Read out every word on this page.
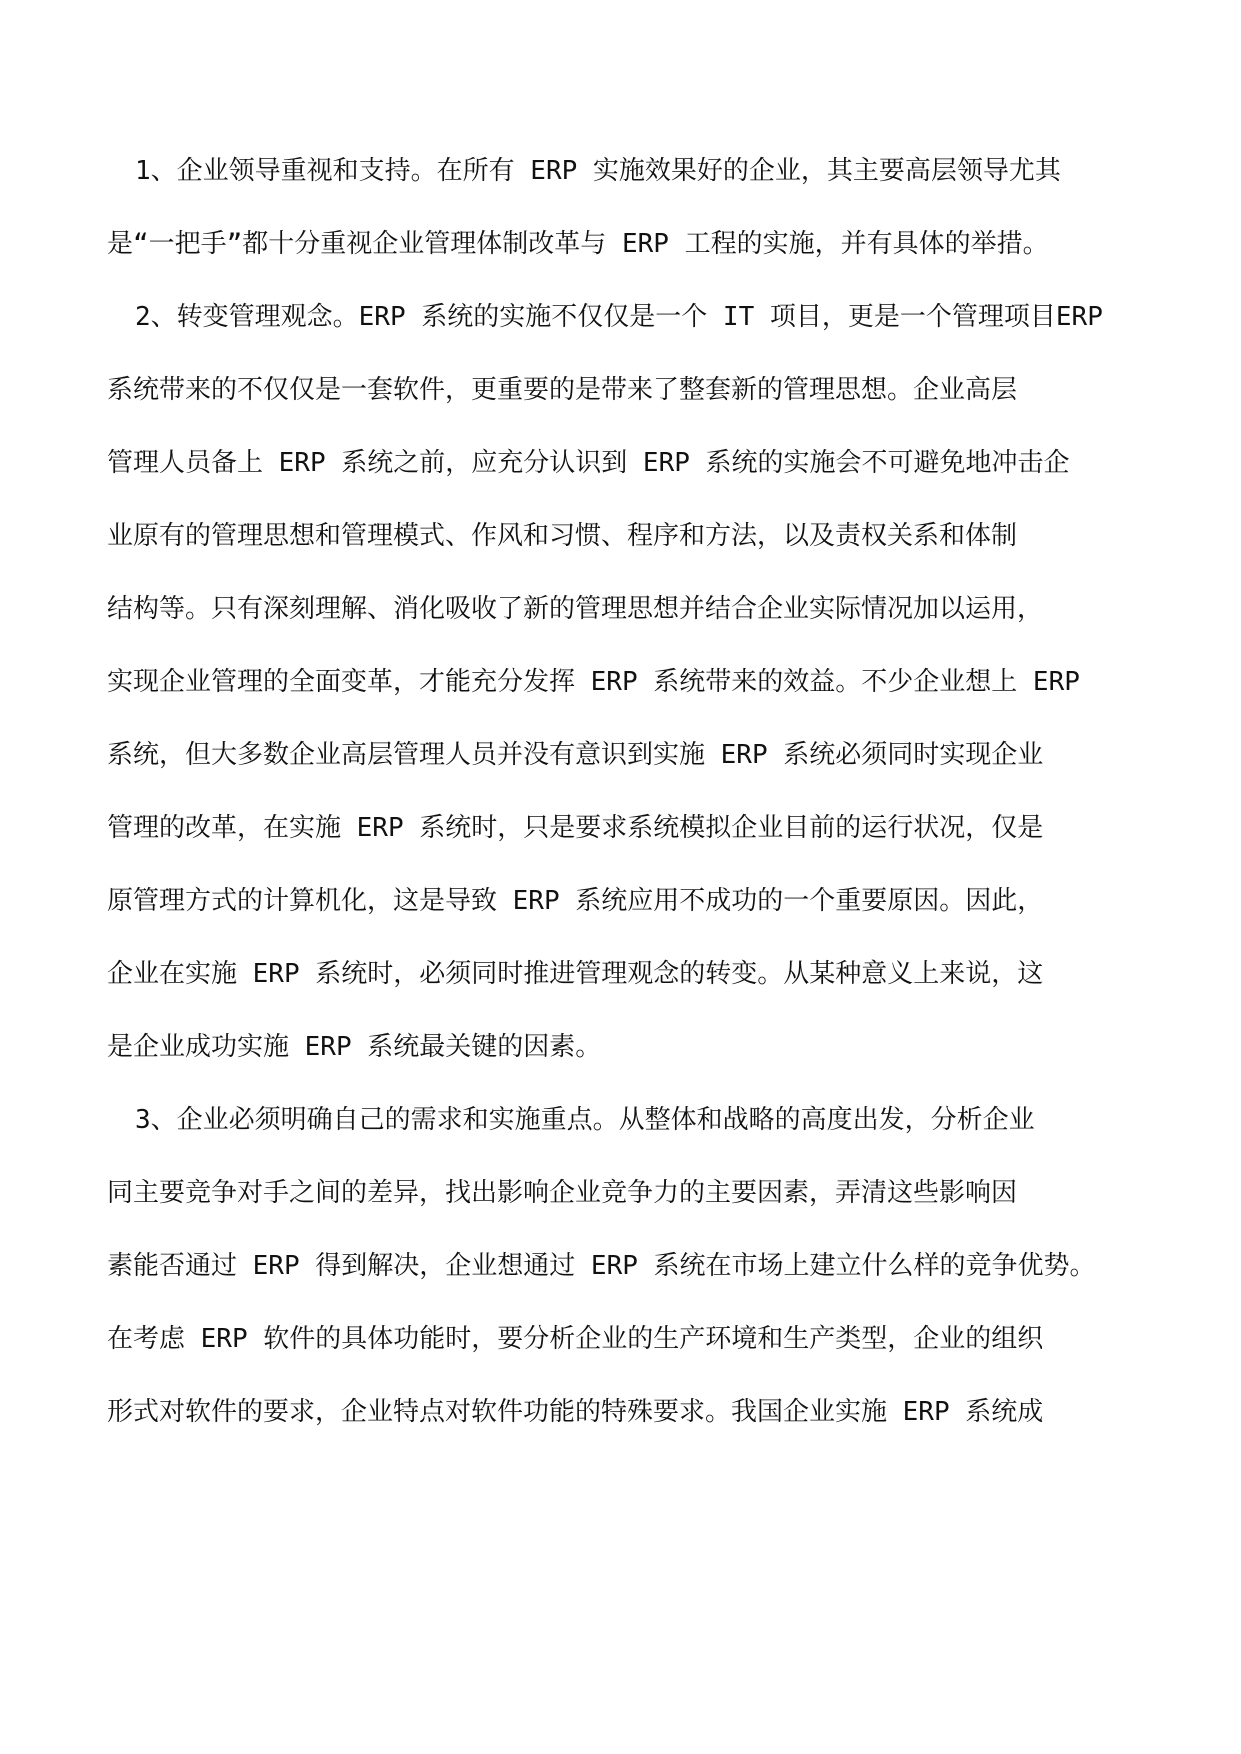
1、企业领导重视和支持。在所有 ERP 实施效果好的企业，其主要高层领导尤其
是“一把手”都十分重视企业管理体制改革与 ERP 工程的实施，并有具体的举措。
2、转变管理观念。ERP 系统的实施不仅仅是一个 IT 项目，更是一个管理项目ERP
系统带来的不仅仅是一套软件，更重要的是带来了整套新的管理思想。企业高层
管理人员备上 ERP 系统之前，应充分认识到 ERP 系统的实施会不可避免地冲击企
业原有的管理思想和管理模式、作风和习惯、程序和方法，以及责权关系和体制
结构等。只有深刻理解、消化吸收了新的管理思想并结合企业实际情况加以运用，
实现企业管理的全面变革，才能充分发挥 ERP 系统带来的效益。不少企业想上 ERP
系统，但大多数企业高层管理人员并没有意识到实施 ERP 系统必须同时实现企业
管理的改革，在实施 ERP 系统时，只是要求系统模拟企业目前的运行状况，仅是
原管理方式的计算机化，这是导致 ERP 系统应用不成功的一个重要原因。因此，
企业在实施 ERP 系统时，必须同时推进管理观念的转变。从某种意义上来说，这
是企业成功实施 ERP 系统最关键的因素。
3、企业必须明确自己的需求和实施重点。从整体和战略的高度出发，分析企业
同主要竞争对手之间的差异，找出影响企业竞争力的主要因素，弄清这些影响因
素能否通过 ERP 得到解决，企业想通过 ERP 系统在市场上建立什么样的竞争优势。
在考虑 ERP 软件的具体功能时，要分析企业的生产环境和生产类型，企业的组织
形式对软件的要求，企业特点对软件功能的特殊要求。我国企业实施 ERP 系统成
